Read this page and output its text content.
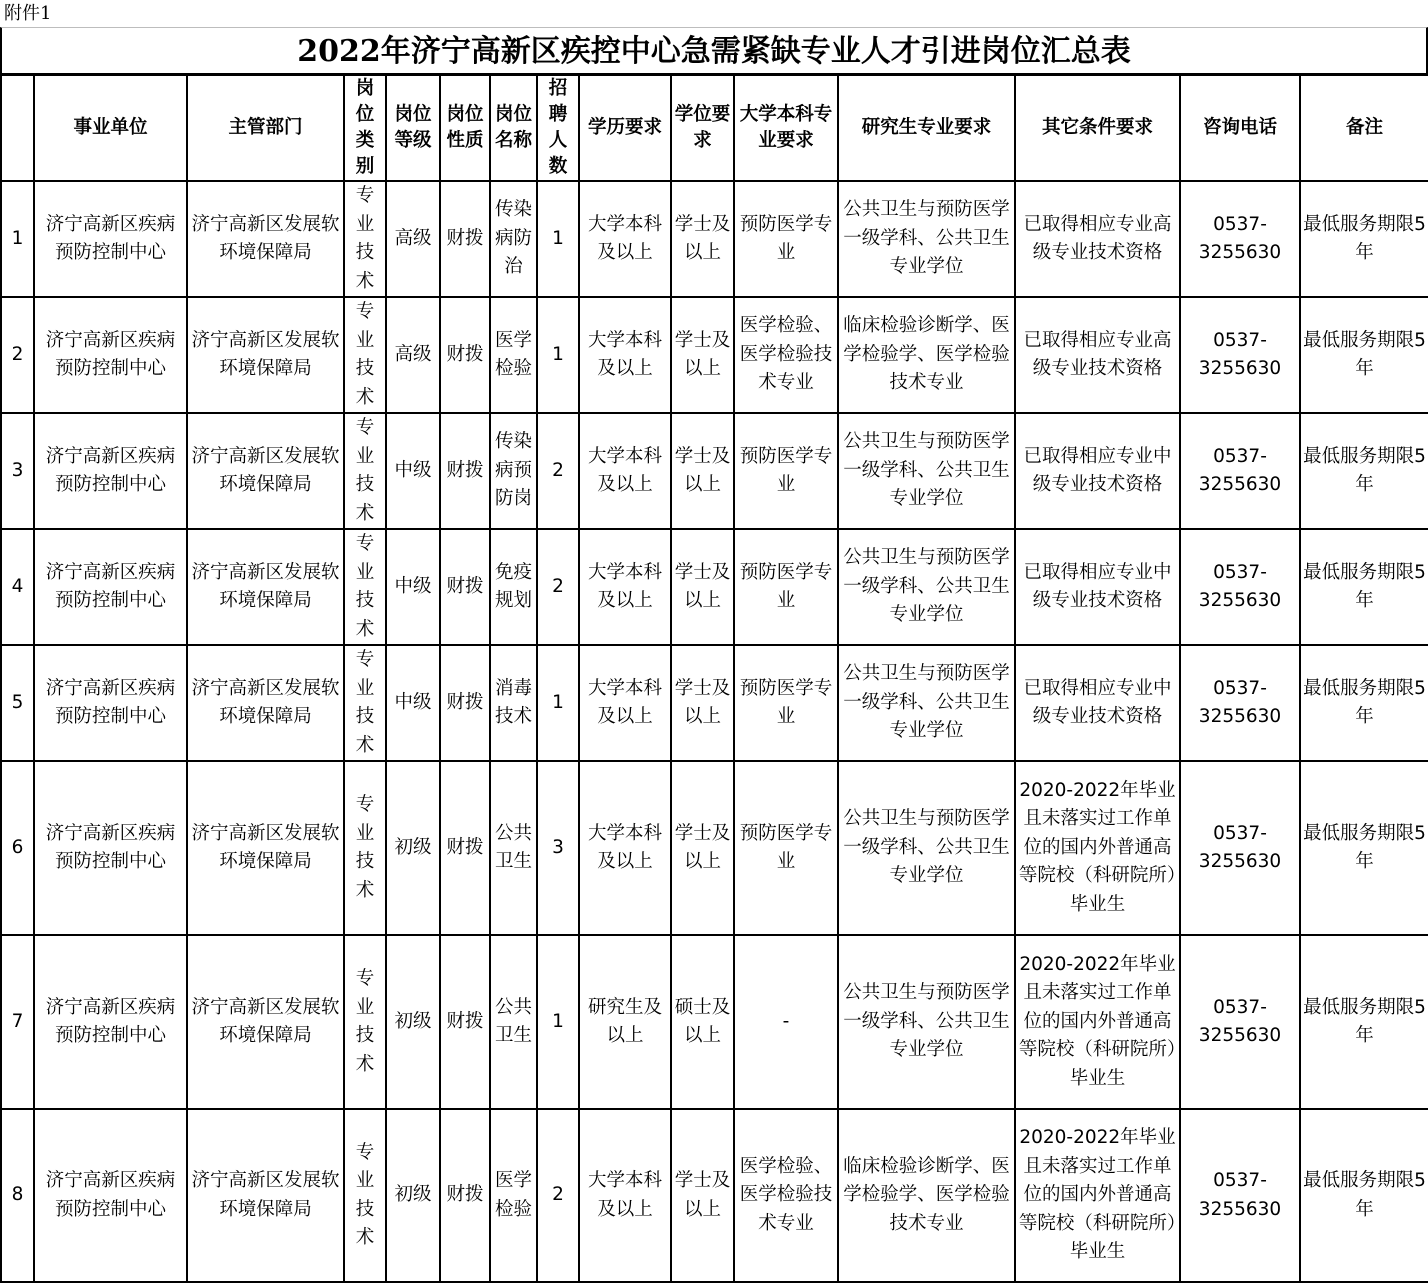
附件1
2022年济宁高新区疾控中心急需紧缺专业人才引进岗位汇总表
	事业单位	主管部门	岗位类别	岗位等级	岗位性质	岗位名称	招聘人数	学历要求	学位要求	大学本科专业要求	研究生专业要求	其它条件要求	咨询电话	备注
1	济宁高新区疾病预防控制中心	济宁高新区发展软环境保障局	专业技术	高级	财拨	传染病防治	1	大学本科及以上	学士及以上	预防医学专业	公共卫生与预防医学一级学科、公共卫生专业学位	已取得相应专业高级专业技术资格	0537-3255630	最低服务期限5年
2	济宁高新区疾病预防控制中心	济宁高新区发展软环境保障局	专业技术	高级	财拨	医学检验	1	大学本科及以上	学士及以上	医学检验、医学检验技术专业	临床检验诊断学、医学检验学、医学检验技术专业	已取得相应专业高级专业技术资格	0537-3255630	最低服务期限5年
3	济宁高新区疾病预防控制中心	济宁高新区发展软环境保障局	专业技术	中级	财拨	传染病预防岗	2	大学本科及以上	学士及以上	预防医学专业	公共卫生与预防医学一级学科、公共卫生专业学位	已取得相应专业中级专业技术资格	0537-3255630	最低服务期限5年
4	济宁高新区疾病预防控制中心	济宁高新区发展软环境保障局	专业技术	中级	财拨	免疫规划	2	大学本科及以上	学士及以上	预防医学专业	公共卫生与预防医学一级学科、公共卫生专业学位	已取得相应专业中级专业技术资格	0537-3255630	最低服务期限5年
5	济宁高新区疾病预防控制中心	济宁高新区发展软环境保障局	专业技术	中级	财拨	消毒技术	1	大学本科及以上	学士及以上	预防医学专业	公共卫生与预防医学一级学科、公共卫生专业学位	已取得相应专业中级专业技术资格	0537-3255630	最低服务期限5年
6	济宁高新区疾病预防控制中心	济宁高新区发展软环境保障局	专业技术	初级	财拨	公共卫生	3	大学本科及以上	学士及以上	预防医学专业	公共卫生与预防医学一级学科、公共卫生专业学位	2020-2022年毕业且未落实过工作单位的国内外普通高等院校（科研院所）毕业生	0537-3255630	最低服务期限5年
7	济宁高新区疾病预防控制中心	济宁高新区发展软环境保障局	专业技术	初级	财拨	公共卫生	1	研究生及以上	硕士及以上	-	公共卫生与预防医学一级学科、公共卫生专业学位	2020-2022年毕业且未落实过工作单位的国内外普通高等院校（科研院所）毕业生	0537-3255630	最低服务期限5年
8	济宁高新区疾病预防控制中心	济宁高新区发展软环境保障局	专业技术	初级	财拨	医学检验	2	大学本科及以上	学士及以上	医学检验、医学检验技术专业	临床检验诊断学、医学检验学、医学检验技术专业	2020-2022年毕业且未落实过工作单位的国内外普通高等院校（科研院所）毕业生	0537-3255630	最低服务期限5年
